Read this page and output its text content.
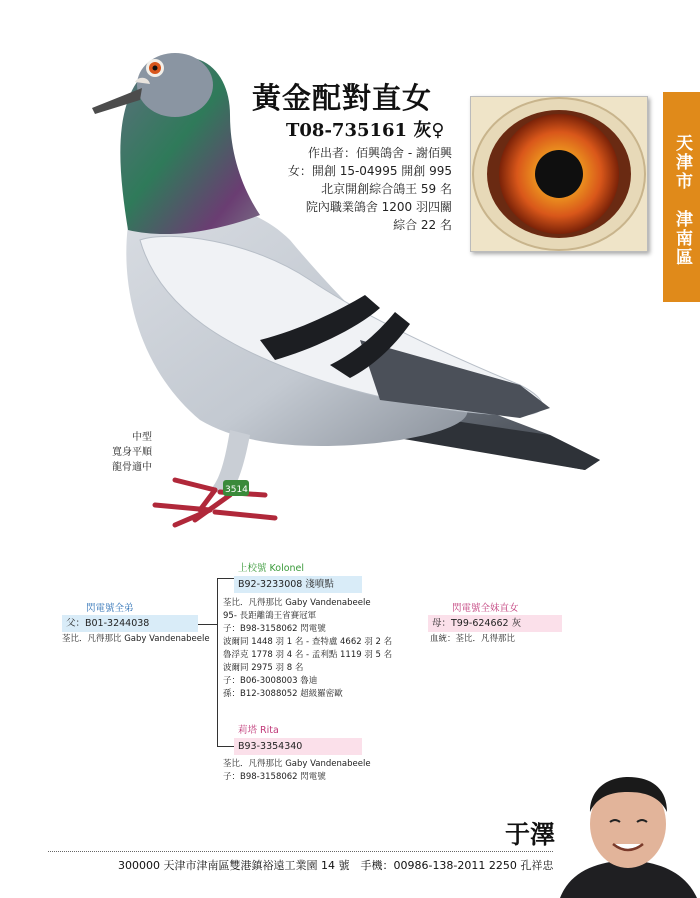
3514
黃金配對直女
T08-735161 灰♀
作出者：佰興鴿舍 - 謝佰興
女：開創 15-04995 開創 995
北京開創綜合鴿王 59 名
院內職業鴿舍 1200 羽四關
綜合 22 名	天津市　津南區
中型
寬身平順
龍骨適中
上校號 Kolonel
B92-3233008 淺噴點
荃比．凡得那比 Gaby Vandenabeele
95- 長距離鴿王省賽冠軍
子：B98-3158062 閃電號
波爾同 1448 羽 1 名 - 查特盧 4662 羽 2 名
魯浮克 1778 羽 4 名 - 孟利點 1119 羽 5 名
波爾同 2975 羽 8 名
子：B06-3008003 魯迪
孫：B12-3088052 超級羅密歐
莉塔 Rita
B93-3354340
荃比．凡得那比 Gaby Vandenabeele
子：B98-3158062 閃電號
閃電號全弟
父：B01-3244038
荃比．凡得那比 Gaby Vandenabeele
閃電號全妹直女
母：T99-624662 灰
血統：荃比．凡得那比
于澤
300000 天津市津南區雙港鎮裕遠工業園 14 號　手機：00986-138-2011 2250 孔祥忠
